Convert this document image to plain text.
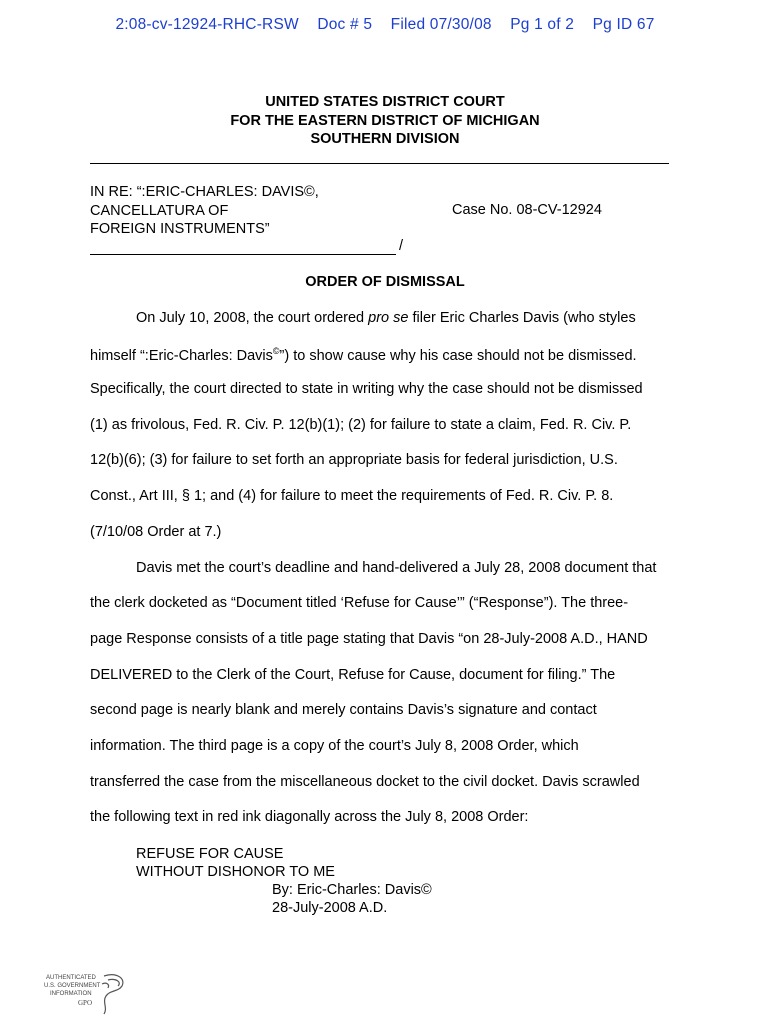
2:08-cv-12924-RHC-RSW Doc # 5 Filed 07/30/08 Pg 1 of 2 Pg ID 67
UNITED STATES DISTRICT COURT
FOR THE EASTERN DISTRICT OF MICHIGAN
SOUTHERN DIVISION
IN RE: “:ERIC-CHARLES: DAVIS©,
CANCELLATURA OF
FOREIGN INSTRUMENTS”
Case No. 08-CV-12924
/
ORDER OF DISMISSAL
On July 10, 2008, the court ordered pro se filer Eric Charles Davis (who styles
himself “:Eric-Charles: Davis©”) to show cause why his case should not be dismissed.
Specifically, the court directed to state in writing why the case should not be dismissed
(1) as frivolous, Fed. R. Civ. P. 12(b)(1); (2) for failure to state a claim, Fed. R. Civ. P.
12(b)(6); (3) for failure to set forth an appropriate basis for federal jurisdiction, U.S.
Const., Art III, § 1; and (4) for failure to meet the requirements of Fed. R. Civ. P. 8.
(7/10/08 Order at 7.)
Davis met the court’s deadline and hand-delivered a July 28, 2008 document that
the clerk docketed as “Document titled ‘Refuse for Cause’” (“Response”). The three-
page Response consists of a title page stating that Davis “on 28-July-2008 A.D., HAND
DELIVERED to the Clerk of the Court, Refuse for Cause, document for filing.” The
second page is nearly blank and merely contains Davis’s signature and contact
information. The third page is a copy of the court’s July 8, 2008 Order, which
transferred the case from the miscellaneous docket to the civil docket. Davis scrawled
the following text in red ink diagonally across the July 8, 2008 Order:
REFUSE FOR CAUSE
WITHOUT DISHONOR TO ME
By: Eric-Charles: Davis©
28-July-2008 A.D.
AUTHENTICATED
U.S. GOVERNMENT
INFORMATION
GPO
